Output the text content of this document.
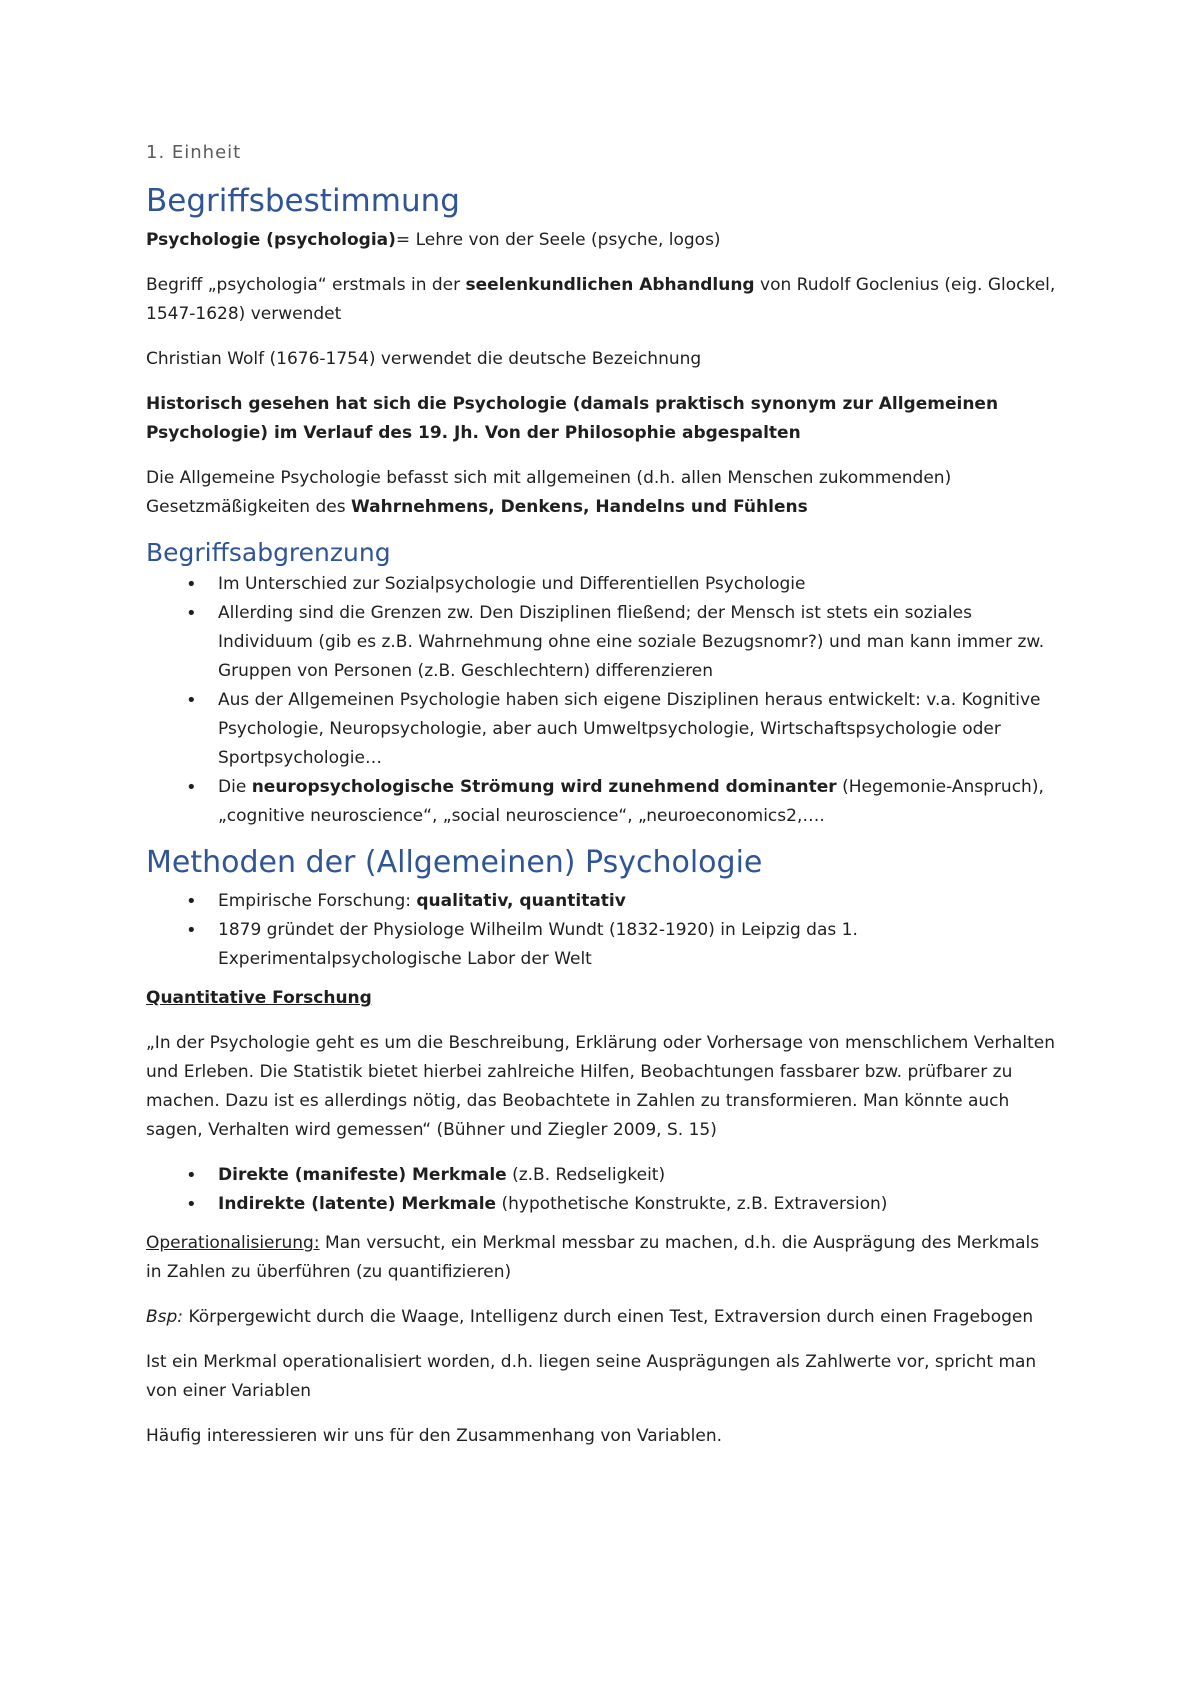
1. Einheit
Begriffsbestimmung

Psychologie (psychologia)= Lehre von der Seele (psyche, logos)

Begriff „psychologia“ erstmals in der seelenkundlichen Abhandlung von Rudolf Goclenius (eig. Glockel, 1547-1628) verwendet

Christian Wolf (1676-1754) verwendet die deutsche Bezeichnung

Historisch gesehen hat sich die Psychologie (damals praktisch synonym zur Allgemeinen Psychologie) im Verlauf des 19. Jh. Von der Philosophie abgespalten

Die Allgemeine Psychologie befasst sich mit allgemeinen (d.h. allen Menschen zukommenden) Gesetzmäßigkeiten des Wahrnehmens, Denkens, Handelns und Fühlens

Begriffsabgrenzung
• Im Unterschied zur Sozialpsychologie und Differentiellen Psychologie
• Allerding sind die Grenzen zw. Den Disziplinen fließend; der Mensch ist stets ein soziales Individuum (gib es z.B. Wahrnehmung ohne eine soziale Bezugsnomr?) und man kann immer zw. Gruppen von Personen (z.B. Geschlechtern) differenzieren
• Aus der Allgemeinen Psychologie haben sich eigene Disziplinen heraus entwickelt: v.a. Kognitive Psychologie, Neuropsychologie, aber auch Umweltpsychologie, Wirtschaftspsychologie oder Sportpsychologie…
• Die neuropsychologische Strömung wird zunehmend dominanter (Hegemonie-Anspruch), „cognitive neuroscience“, „social neuroscience“, „neuroeconomics2,….
Methoden der (Allgemeinen) Psychologie
• Empirische Forschung: qualitativ, quantitativ
• 1879 gründet der Physiologe Wilheilm Wundt (1832-1920) in Leipzig das 1. Experimentalpsychologische Labor der Welt

Quantitative Forschung

„In der Psychologie geht es um die Beschreibung, Erklärung oder Vorhersage von menschlichem Verhalten und Erleben. Die Statistik bietet hierbei zahlreiche Hilfen, Beobachtungen fassbarer bzw. prüfbarer zu machen. Dazu ist es allerdings nötig, das Beobachtete in Zahlen zu transformieren. Man könnte auch sagen, Verhalten wird gemessen“ (Bühner und Ziegler 2009, S. 15)

• Direkte (manifeste) Merkmale (z.B. Redseligkeit)
• Indirekte (latente) Merkmale (hypothetische Konstrukte, z.B. Extraversion)

Operationalisierung: Man versucht, ein Merkmal messbar zu machen, d.h. die Ausprägung des Merkmals in Zahlen zu überführen (zu quantifizieren)

Bsp: Körpergewicht durch die Waage, Intelligenz durch einen Test, Extraversion durch einen Fragebogen

Ist ein Merkmal operationalisiert worden, d.h. liegen seine Ausprägungen als Zahlwerte vor, spricht man von einer Variablen

Häufig interessieren wir uns für den Zusammenhang von Variablen.
